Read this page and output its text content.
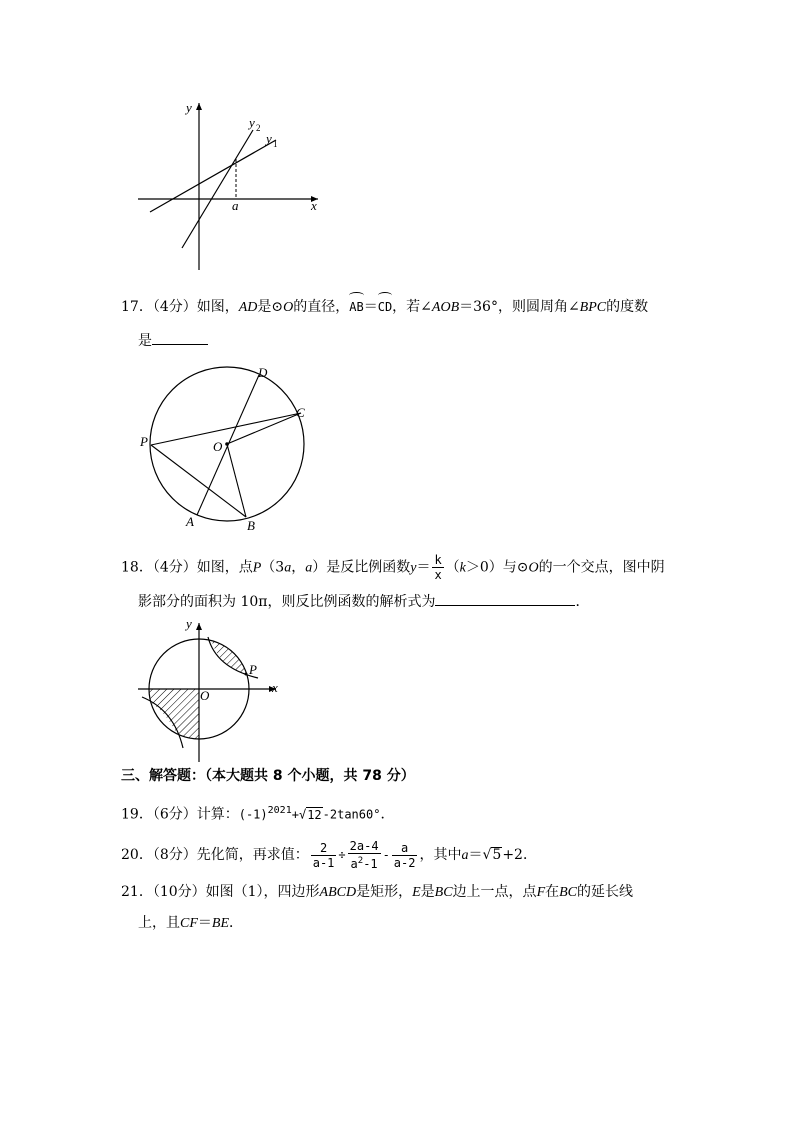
y
x
y 2
y 1
a
17．（4分）如图，AD是⊙O的直径，AB＝CD，若∠AOB＝36°，则圆周角∠BPC的度数
是
D
C
P	O
A	B
18．（4分）如图，点P（3a，a）是反比例函数$y= \frac{k}{x} (k>0)$与⊙O的一个交点，图中阴
影部分的面积为 10π，则反比例函数的解析式为	．
y
x
O
P
三、解答题：（本大题共 8 个小题，共 78 分）
19．（6分）计算：$(-1)^{2021}+√12-2\tan 60^\circ$．
20．（8分）先化简，再求值： $\frac{2}{a-1} \div \frac{2a-4}{a^2-1} - \frac{a}{a-2}$ ，其中a＝√5+2．
21．（10分）如图（1），四边形ABCD是矩形，E是BC边上一点，点F在BC的延长线
上，且CF＝BE．
